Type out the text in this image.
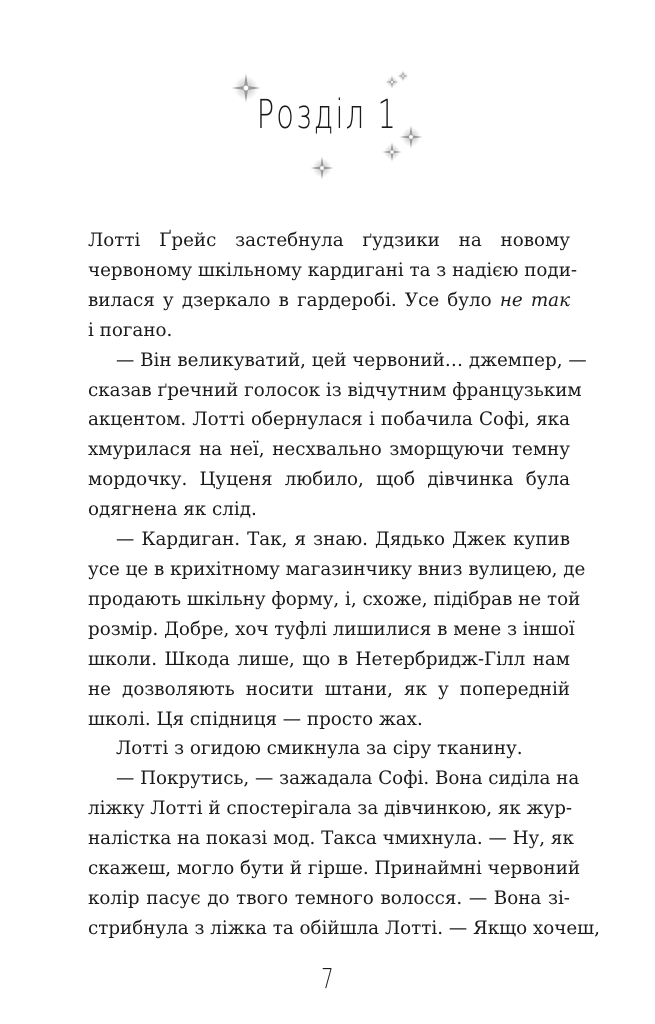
Розділ 1

Лотті Ґрейс застебнула ґудзики на новому

червоному шкільному кардигані та з надією поди-

вилася у дзеркало в гардеробі. Усе було не так

і погано.

— Він великуватий, цей червоний… джемпер, —

сказав ґречний голосок із відчутним французьким

акцентом. Лотті обернулася і побачила Софі, яка

хмурилася на неї, несхвально зморщуючи темну

мордочку. Цуценя любило, щоб дівчинка була

одягнена як слід.

— Кардиган. Так, я знаю. Дядько Джек купив

усе це в крихітному магазинчику вниз вулицею, де

продають шкільну форму, і, схоже, підібрав не той

розмір. Добре, хоч туфлі лишилися в мене з іншої

школи. Шкода лише, що в Нетербридж-Гілл нам

не дозволяють носити штани, як у попередній

школі. Ця спідниця — просто жах.

Лотті з огидою смикнула за сіру тканину.

— Покрутись, — зажадала Софі. Вона сиділа на

ліжку Лотті й спостерігала за дівчинкою, як жур-

налістка на показі мод. Такса чмихнула. — Ну, як

скажеш, могло бути й гірше. Принаймні червоний

колір пасує до твого темного волосся. — Вона зі-

стрибнула з ліжка та обійшла Лотті. — Якщо хочеш,

7
